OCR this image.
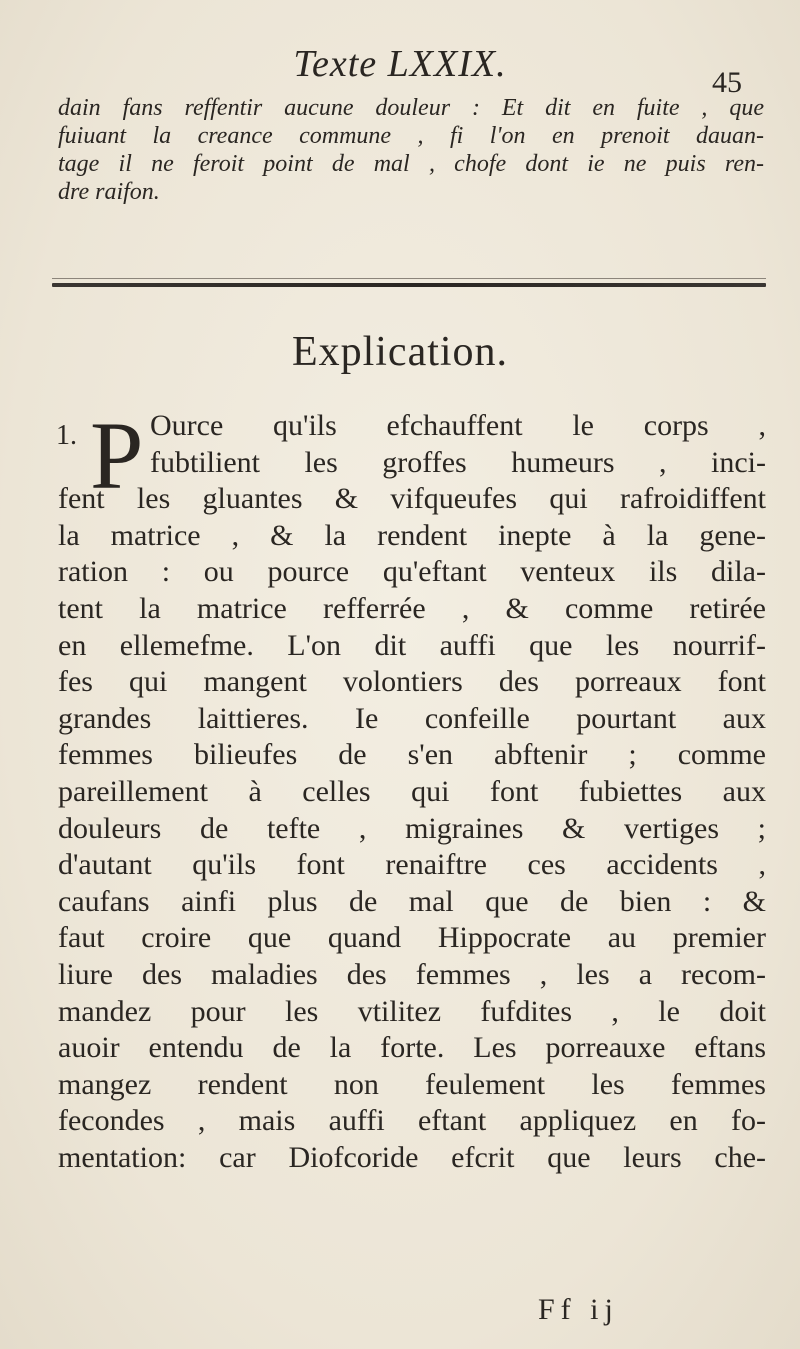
Texte LXXIX.	45
dain fans reffentir aucune douleur : Et dit en fuite , que
fuiuant la creance commune , fi l'on en prenoit dauan-
tage il ne feroit point de mal , chofe dont ie ne puis ren-
dre raifon.
Explication.
1. P Ource qu'ils efchauffent le corps ,
fubtilient les groffes humeurs , inci-
fent les gluantes & vifqueufes qui rafroidiffent
la matrice , & la rendent inepte à la gene-
ration : ou pource qu'eftant venteux ils dila-
tent la matrice refferrée , & comme retirée
en ellemefme. L'on dit auffi que les nourrif-
fes qui mangent volontiers des porreaux font
grandes laittieres. Ie confeille pourtant aux
femmes bilieufes de s'en abftenir ; comme
pareillement à celles qui font fubiettes aux
douleurs de tefte , migraines & vertiges ;
d'autant qu'ils font renaiftre ces accidents ,
caufans ainfi plus de mal que de bien : &
faut croire que quand Hippocrate au premier
liure des maladies des femmes , les a recom-
mandez pour les vtilitez fufdites , le doit
auoir entendu de la forte. Les porreauxe eftans
mangez rendent non feulement les femmes
fecondes , mais auffi eftant appliquez en fo-
mentation: car Diofcoride efcrit que leurs che-
Ff ij
